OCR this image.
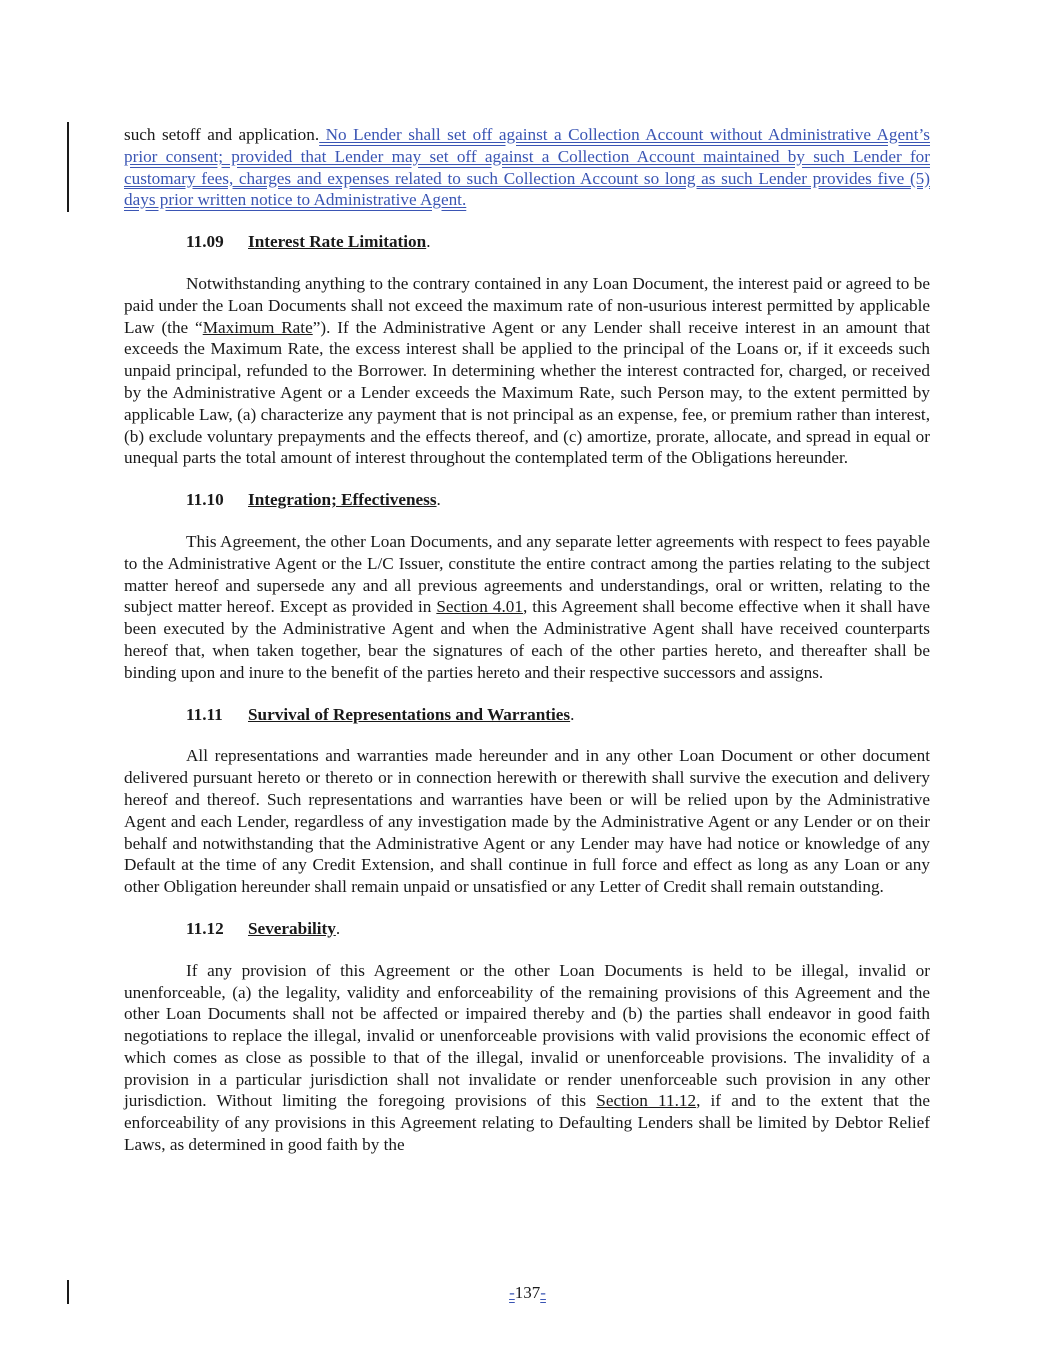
such setoff and application. No Lender shall set off against a Collection Account without Administrative Agent’s prior consent; provided that Lender may set off against a Collection Account maintained by such Lender for customary fees, charges and expenses related to such Collection Account so long as such Lender provides five (5) days prior written notice to Administrative Agent.

11.09 Interest Rate Limitation.

Notwithstanding anything to the contrary contained in any Loan Document, the interest paid or agreed to be paid under the Loan Documents shall not exceed the maximum rate of non-usurious interest permitted by applicable Law (the “Maximum Rate”). If the Administrative Agent or any Lender shall receive interest in an amount that exceeds the Maximum Rate, the excess interest shall be applied to the principal of the Loans or, if it exceeds such unpaid principal, refunded to the Borrower. In determining whether the interest contracted for, charged, or received by the Administrative Agent or a Lender exceeds the Maximum Rate, such Person may, to the extent permitted by applicable Law, (a) characterize any payment that is not principal as an expense, fee, or premium rather than interest, (b) exclude voluntary prepayments and the effects thereof, and (c) amortize, prorate, allocate, and spread in equal or unequal parts the total amount of interest throughout the contemplated term of the Obligations hereunder.

11.10 Integration; Effectiveness.

This Agreement, the other Loan Documents, and any separate letter agreements with respect to fees payable to the Administrative Agent or the L/C Issuer, constitute the entire contract among the parties relating to the subject matter hereof and supersede any and all previous agreements and understandings, oral or written, relating to the subject matter hereof. Except as provided in Section 4.01, this Agreement shall become effective when it shall have been executed by the Administrative Agent and when the Administrative Agent shall have received counterparts hereof that, when taken together, bear the signatures of each of the other parties hereto, and thereafter shall be binding upon and inure to the benefit of the parties hereto and their respective successors and assigns.

11.11 Survival of Representations and Warranties.

All representations and warranties made hereunder and in any other Loan Document or other document delivered pursuant hereto or thereto or in connection herewith or therewith shall survive the execution and delivery hereof and thereof. Such representations and warranties have been or will be relied upon by the Administrative Agent and each Lender, regardless of any investigation made by the Administrative Agent or any Lender or on their behalf and notwithstanding that the Administrative Agent or any Lender may have had notice or knowledge of any Default at the time of any Credit Extension, and shall continue in full force and effect as long as any Loan or any other Obligation hereunder shall remain unpaid or unsatisfied or any Letter of Credit shall remain outstanding.

11.12 Severability.

If any provision of this Agreement or the other Loan Documents is held to be illegal, invalid or unenforceable, (a) the legality, validity and enforceability of the remaining provisions of this Agreement and the other Loan Documents shall not be affected or impaired thereby and (b) the parties shall endeavor in good faith negotiations to replace the illegal, invalid or unenforceable provisions with valid provisions the economic effect of which comes as close as possible to that of the illegal, invalid or unenforceable provisions. The invalidity of a provision in a particular jurisdiction shall not invalidate or render unenforceable such provision in any other jurisdiction. Without limiting the foregoing provisions of this Section 11.12, if and to the extent that the enforceability of any provisions in this Agreement relating to Defaulting Lenders shall be limited by Debtor Relief Laws, as determined in good faith by the

-137-
